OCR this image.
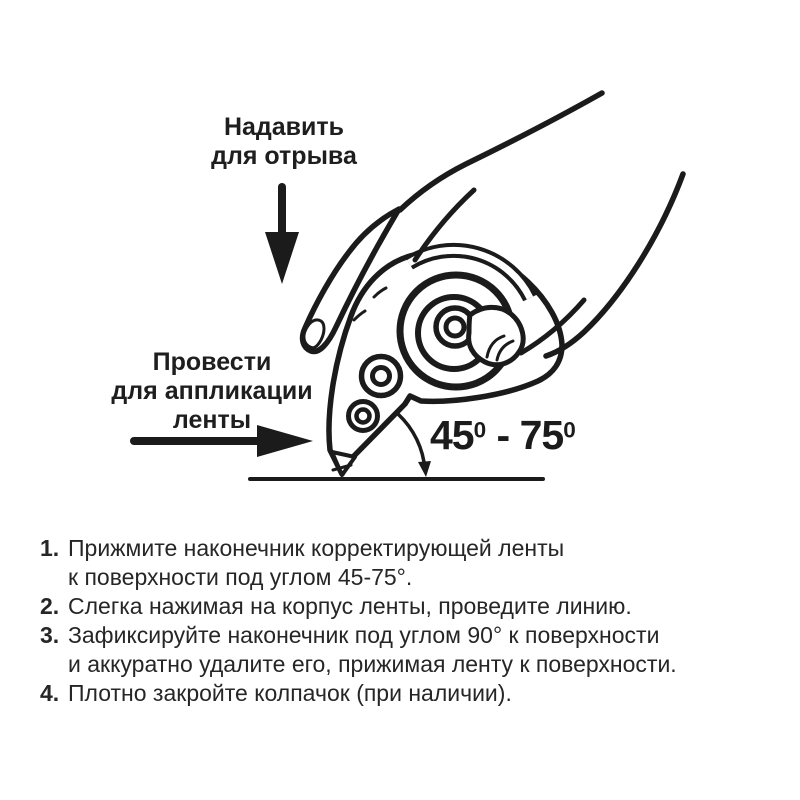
Надавить
для отрыва
Провести
для аппликации
ленты	$45^0 - 75^0$
1. Прижмите наконечник корректирующей ленты
к поверхности под углом 45-75°.
2. Слегка нажимая на корпус ленты, проведите линию.
3. Зафиксируйте наконечник под углом 90° к поверхности
и аккуратно удалите его, прижимая ленту к поверхности.
4. Плотно закройте колпачок (при наличии).
